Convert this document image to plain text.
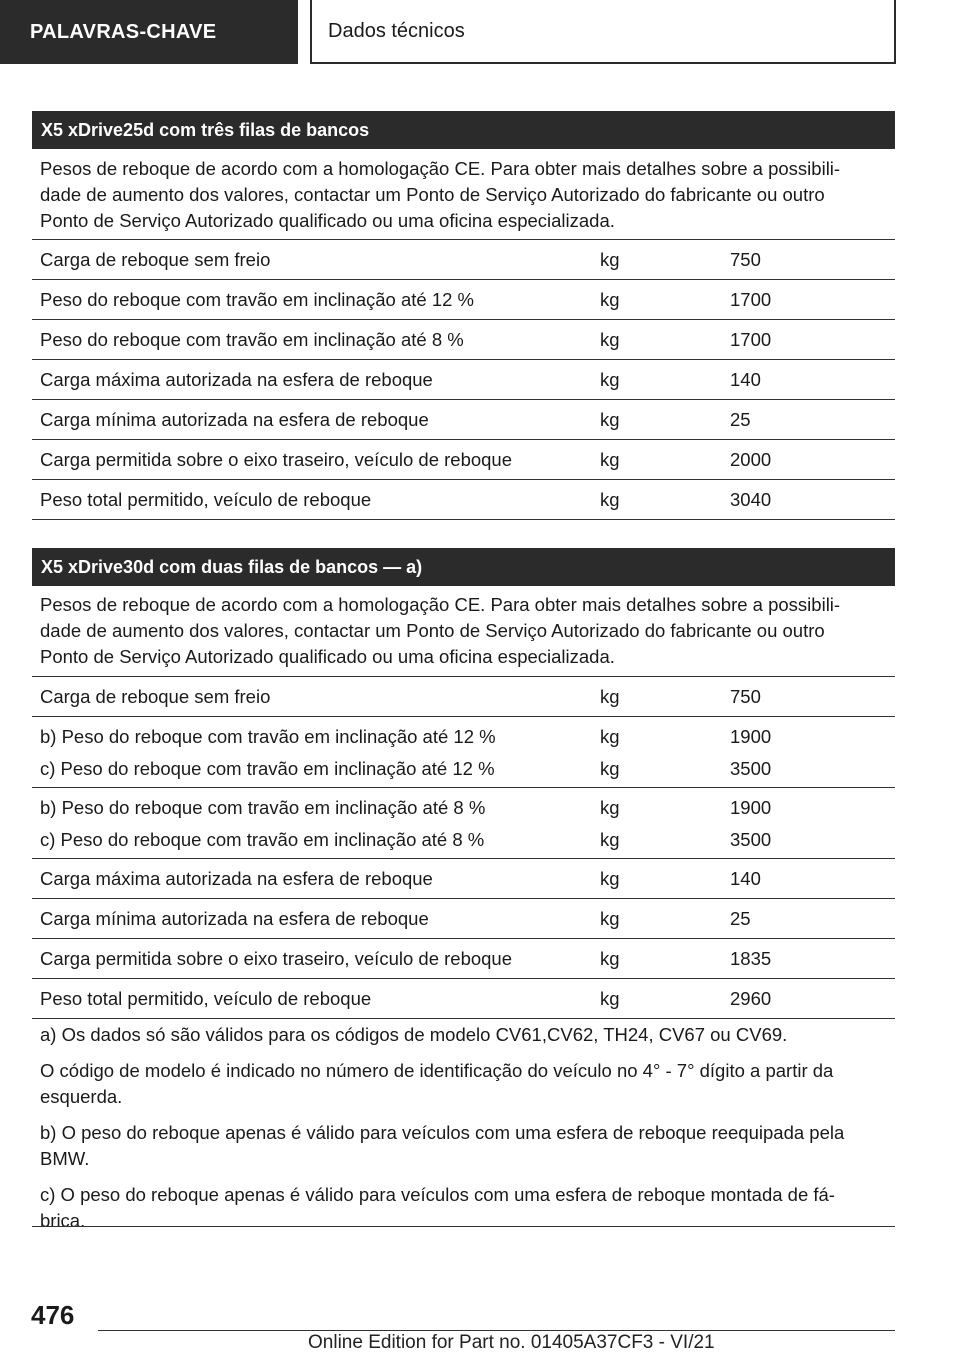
PALAVRAS-CHAVE	Dados técnicos
X5 xDrive25d com três filas de bancos
Pesos de reboque de acordo com a homologação CE. Para obter mais detalhes sobre a possibili-dade de aumento dos valores, contactar um Ponto de Serviço Autorizado do fabricante ou outro Ponto de Serviço Autorizado qualificado ou uma oficina especializada.
Carga de reboque sem freio	kg	750
Peso do reboque com travão em inclinação até 12 %	kg	1700
Peso do reboque com travão em inclinação até 8 %	kg	1700
Carga máxima autorizada na esfera de reboque	kg	140
Carga mínima autorizada na esfera de reboque	kg	25
Carga permitida sobre o eixo traseiro, veículo de reboque	kg	2000
Peso total permitido, veículo de reboque	kg	3040
X5 xDrive30d com duas filas de bancos — a)
Pesos de reboque de acordo com a homologação CE. Para obter mais detalhes sobre a possibili-dade de aumento dos valores, contactar um Ponto de Serviço Autorizado do fabricante ou outro Ponto de Serviço Autorizado qualificado ou uma oficina especializada.
Carga de reboque sem freio	kg	750
b) Peso do reboque com travão em inclinação até 12 %	kg	1900
c) Peso do reboque com travão em inclinação até 12 %	kg	3500
b) Peso do reboque com travão em inclinação até 8 %	kg	1900
c) Peso do reboque com travão em inclinação até 8 %	kg	3500
Carga máxima autorizada na esfera de reboque	kg	140
Carga mínima autorizada na esfera de reboque	kg	25
Carga permitida sobre o eixo traseiro, veículo de reboque	kg	1835
Peso total permitido, veículo de reboque	kg	2960

a) Os dados só são válidos para os códigos de modelo CV61,CV62, TH24, CV67 ou CV69.

O código de modelo é indicado no número de identificação do veículo no 4° - 7° dígito a partir da esquerda.

b) O peso do reboque apenas é válido para veículos com uma esfera de reboque reequipada pela BMW.

c) O peso do reboque apenas é válido para veículos com uma esfera de reboque montada de fá-brica.

476
Online Edition for Part no. 01405A37CF3 - VI/21
